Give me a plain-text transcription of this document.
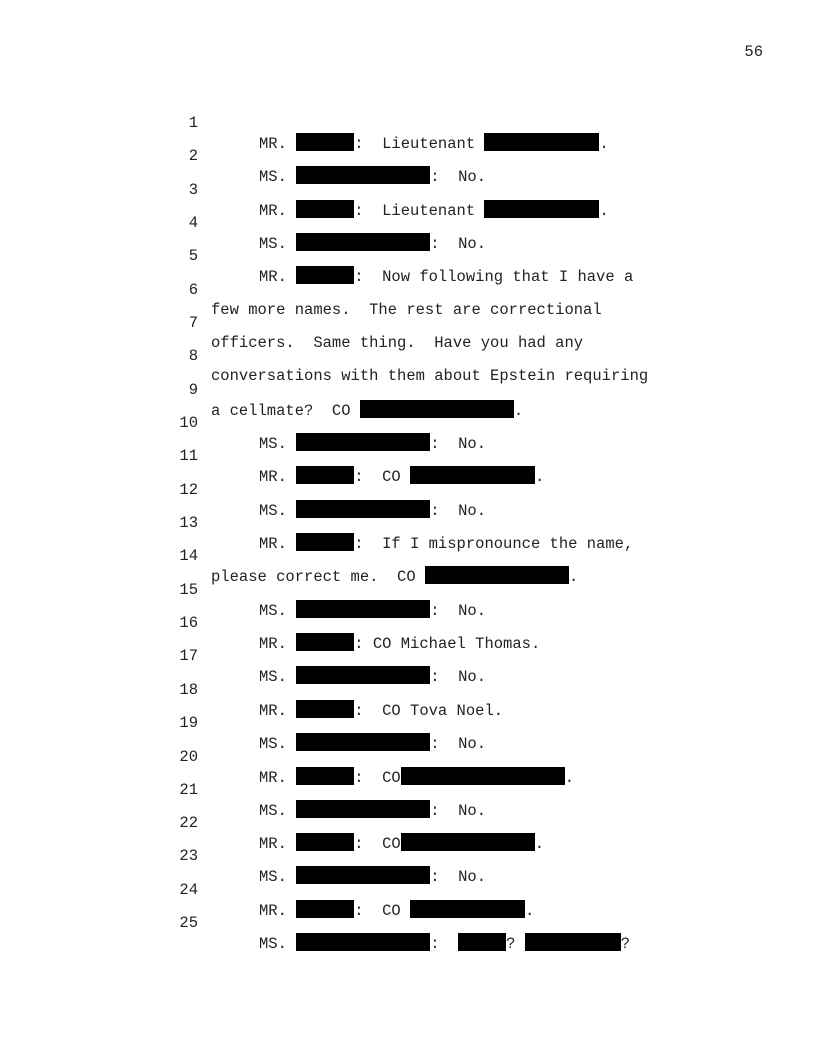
56

1

MR.	:  Lieutenant	.

2

MS.	:  No.

3

MR.	:  Lieutenant	.

4

MS.	:  No.

5

MR.	:  Now following that I have a

6

few more names.  The rest are correctional

7

officers.  Same thing.  Have you had any

8

conversations with them about Epstein requiring

9

a cellmate?  CO	.

10

MS.	:  No.

11

MR.	:  CO	.

12

MS.	:  No.

13

MR.	:  If I mispronounce the name,

14

please correct me.  CO	.

15

MS.	:  No.

16

MR.	: CO Michael Thomas.

17

MS.	:  No.

18

MR.	:  CO Tova Noel.

19

MS.	:  No.

20

MR.	:  CO	.

21

MS.	:  No.

22

MR.	:  CO	.

23

MS.	:  No.

24

MR.	:  CO	.

25

MS.	:	?	?
